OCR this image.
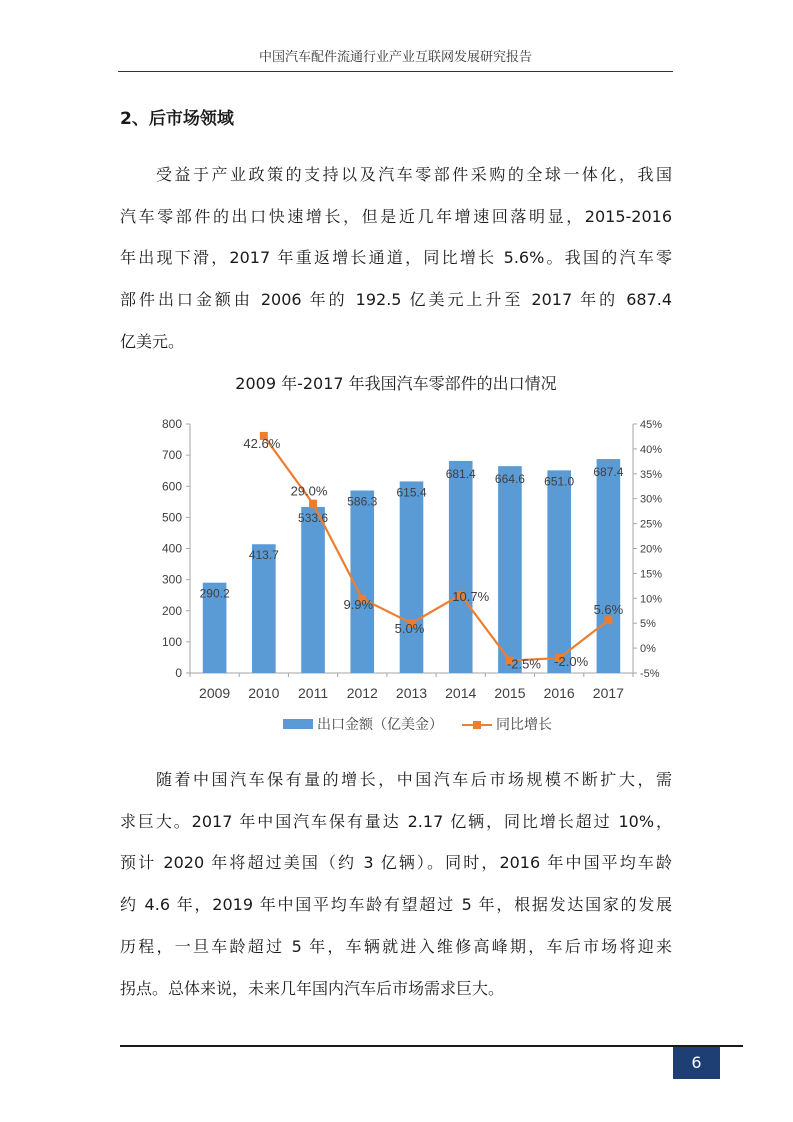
中国汽车配件流通行业产业互联网发展研究报告
2、后市场领域

受益于产业政策的支持以及汽车零部件采购的全球一体化，我国
汽车零部件的出口快速增长，但是近几年增速回落明显，2015-2016
年出现下滑，2017 年重返增长通道，同比增长 5.6%。我国的汽车零
部件出口金额由 2006 年的 192.5 亿美元上升至 2017 年的 687.4
亿美元。

2009 年-2017 年我国汽车零部件的出口情况
0
100
200
300
400
500
600
700
800
-5%
0%
5%
10%
15%
20%
25%
30%
35%
40%
45%
2009 2010 2011 2012 2013 2014 2015 2016 2017
290.2
413.7
533.6
586.3
615.4
681.4 664.6 651.0
687.4
42.6%
29.0%
9.9%
5.0%
10.7%
-2.5% -2.0%
5.6%
出口金额（亿美金）	同比增长

随着中国汽车保有量的增长，中国汽车后市场规模不断扩大，需
求巨大。2017 年中国汽车保有量达 2.17 亿辆，同比增长超过 10%，
预计 2020 年将超过美国（约 3 亿辆）。同时，2016 年中国平均车龄
约 4.6 年，2019 年中国平均车龄有望超过 5 年，根据发达国家的发展
历程，一旦车龄超过 5 年，车辆就进入维修高峰期，车后市场将迎来
拐点。总体来说，未来几年国内汽车后市场需求巨大。

6
